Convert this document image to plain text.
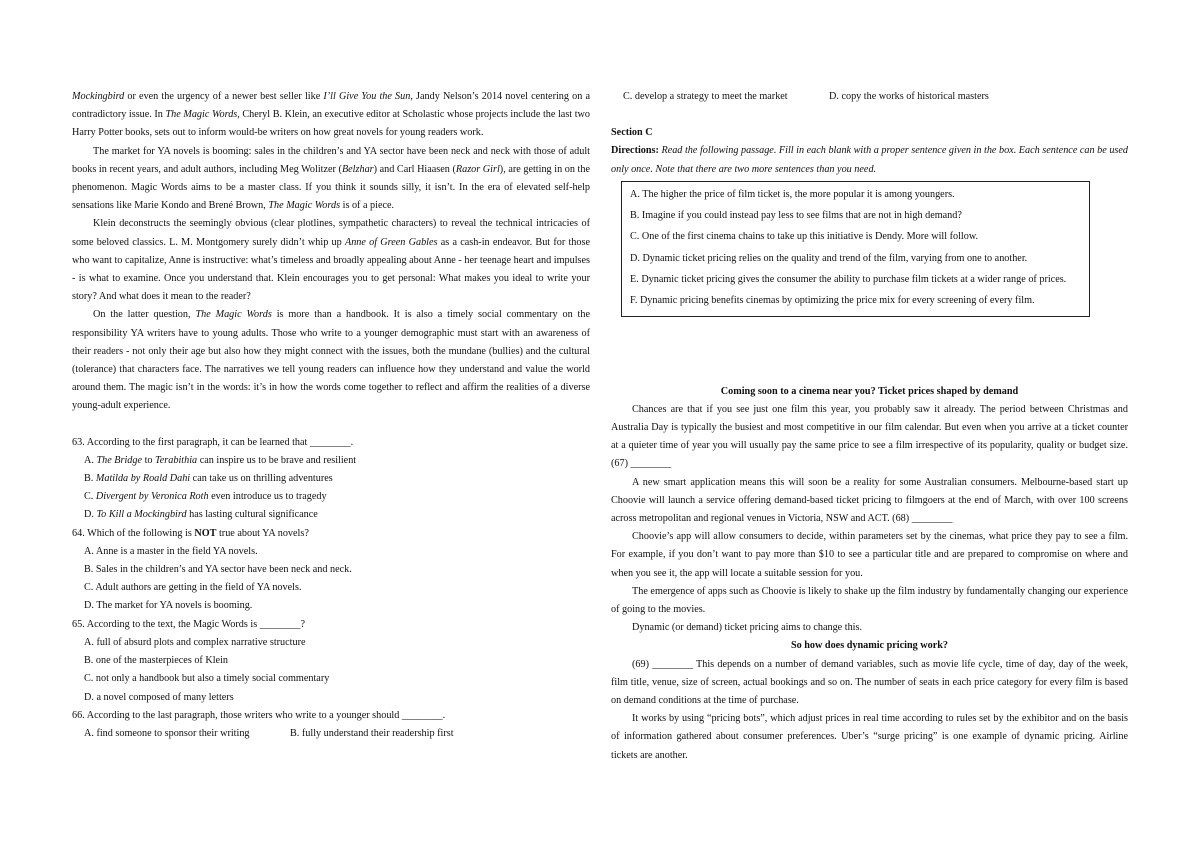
Mockingbird or even the urgency of a newer best seller like I’ll Give You the Sun, Jandy Nelson’s 2014 novel centering on a contradictory issue. In The Magic Words, Cheryl B. Klein, an executive editor at Scholastic whose projects include the last two Harry Potter books, sets out to inform would-be writers on how great novels for young readers work.

The market for YA novels is booming: sales in the children’s and YA sector have been neck and neck with those of adult books in recent years, and adult authors, including Meg Wolitzer (Belzhar) and Carl Hiaasen (Razor Girl), are getting in on the phenomenon. Magic Words aims to be a master class. If you think it sounds silly, it isn’t. In the era of elevated self-help sensations like Marie Kondo and Brené Brown, The Magic Words is of a piece.

Klein deconstructs the seemingly obvious (clear plotlines, sympathetic characters) to reveal the technical intricacies of some beloved classics. L. M. Montgomery surely didn’t whip up Anne of Green Gables as a cash-in endeavor. But for those who want to capitalize, Anne is instructive: what’s timeless and broadly appealing about Anne - her teenage heart and impulses - is what to examine. Once you understand that. Klein encourages you to get personal: What makes you ideal to write your story? And what does it mean to the reader?

On the latter question, The Magic Words is more than a handbook. It is also a timely social commentary on the responsibility YA writers have to young adults. Those who write to a younger demographic must start with an awareness of their readers - not only their age but also how they might connect with the issues, both the mundane (bullies) and the cultural (tolerance) that characters face. The narratives we tell young readers can influence how they understand and value the world around them. The magic isn’t in the words: it’s in how the words come together to reflect and affirm the realities of a diverse young-adult experience.

63. According to the first paragraph, it can be learned that ________.
A. The Bridge to Terabithia can inspire us to be brave and resilient
B. Matilda by Roald Dahi can take us on thrilling adventures
C. Divergent by Veronica Roth even introduce us to tragedy
D. To Kill a Mockingbird has lasting cultural significance
64. Which of the following is NOT true about YA novels?
A. Anne is a master in the field YA novels.
B. Sales in the children’s and YA sector have been neck and neck.
C. Adult authors are getting in the field of YA novels.
D. The market for YA novels is booming.
65. According to the text, the Magic Words is ________?
A. full of absurd plots and complex narrative structure
B. one of the masterpieces of Klein
C. not only a handbook but also a timely social commentary
D. a novel composed of many letters
66. According to the last paragraph, those writers who write to a younger should ________.
A. find someone to sponsor their writing	B. fully understand their readership first
C. develop a strategy to meet the market	D. copy the works of historical masters
Section C

Directions: Read the following passage. Fill in each blank with a proper sentence given in the box. Each sentence can be used only once. Note that there are two more sentences than you need.

A. The higher the price of film ticket is, the more popular it is among youngers.
B. Imagine if you could instead pay less to see films that are not in high demand?
C. One of the first cinema chains to take up this initiative is Dendy. More will follow.
D. Dynamic ticket pricing relies on the quality and trend of the film, varying from one to another.
E. Dynamic ticket pricing gives the consumer the ability to purchase film tickets at a wider range of prices.
F. Dynamic pricing benefits cinemas by optimizing the price mix for every screening of every film.
Coming soon to a cinema near you? Ticket prices shaped by demand

Chances are that if you see just one film this year, you probably saw it already. The period between Christmas and Australia Day is typically the busiest and most competitive in our film calendar. But even when you arrive at a ticket counter at a quieter time of year you will usually pay the same price to see a film irrespective of its popularity, quality or budget size. (67) ________

A new smart application means this will soon be a reality for some Australian consumers. Melbourne-based start up Choovie will launch a service offering demand-based ticket pricing to filmgoers at the end of March, with over 100 screens across metropolitan and regional venues in Victoria, NSW and ACT. (68) ________

Choovie’s app will allow consumers to decide, within parameters set by the cinemas, what price they pay to see a film. For example, if you don’t want to pay more than $10 to see a particular title and are prepared to compromise on where and when you see it, the app will locate a suitable session for you.

The emergence of apps such as Choovie is likely to shake up the film industry by fundamentally changing our experience of going to the movies.

Dynamic (or demand) ticket pricing aims to change this.

So how does dynamic pricing work?

(69) ________ This depends on a number of demand variables, such as movie life cycle, time of day, day of the week, film title, venue, size of screen, actual bookings and so on. The number of seats in each price category for every film is based on demand conditions at the time of purchase.

It works by using “pricing bots”, which adjust prices in real time according to rules set by the exhibitor and on the basis of information gathered about consumer preferences. Uber’s “surge pricing” is one example of dynamic pricing. Airline tickets are another.
